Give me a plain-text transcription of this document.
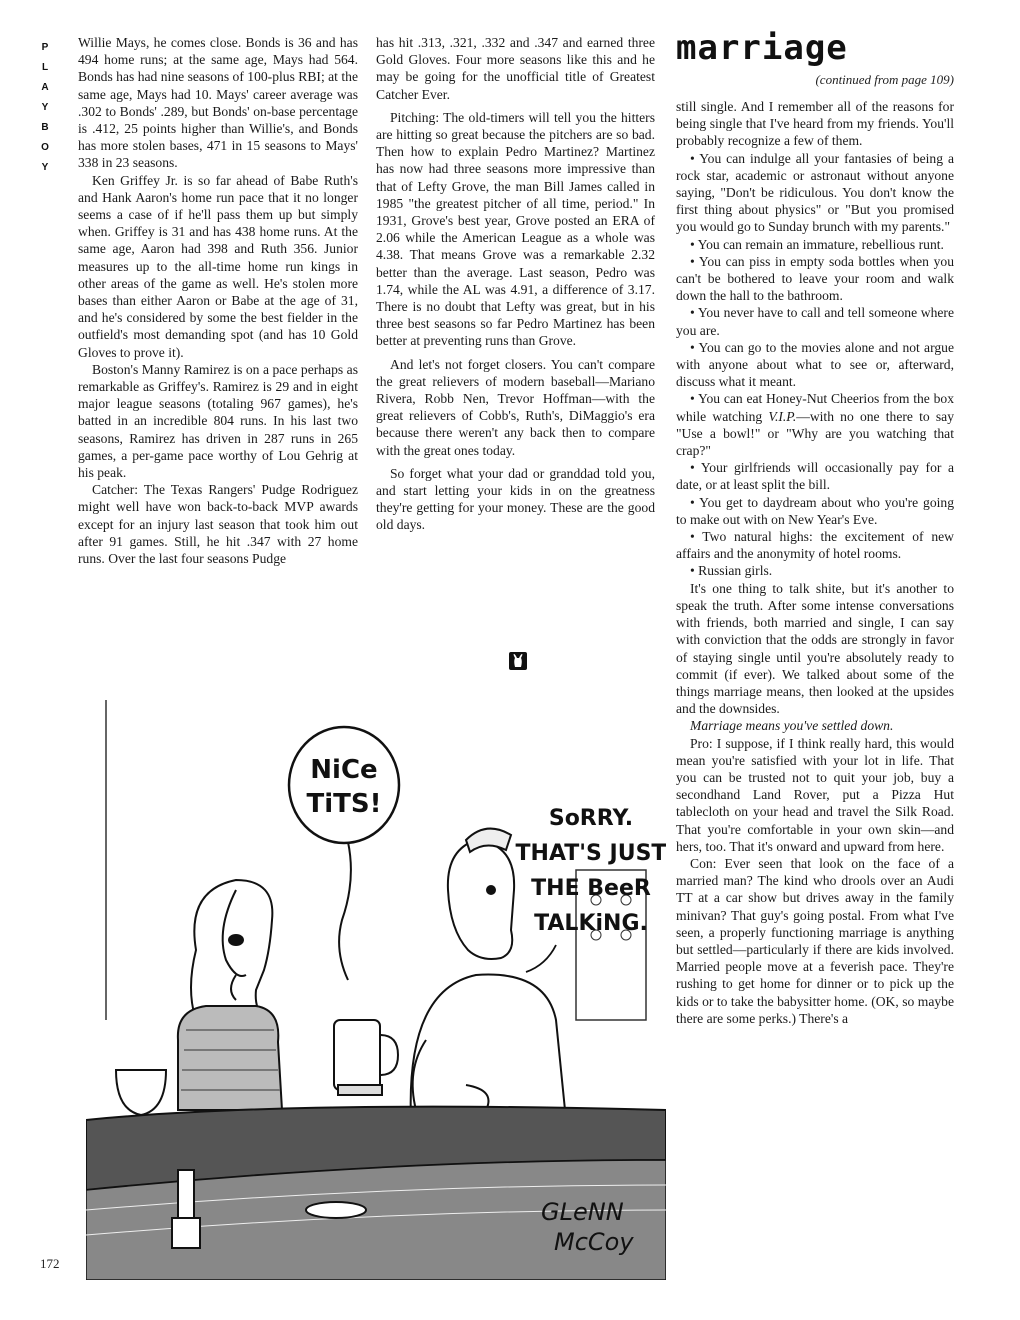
P
L
A
Y
B
O
Y

Willie Mays, he comes close. Bonds is 36 and has 494 home runs; at the same age, Mays had 564. Bonds has had nine seasons of 100-plus RBI; at the same age, Mays had 10. Mays' career average was .302 to Bonds' .289, but Bonds' on-base percentage is .412, 25 points higher than Willie's, and Bonds has more stolen bases, 471 in 15 seasons to Mays' 338 in 23 seasons.

Ken Griffey Jr. is so far ahead of Babe Ruth's and Hank Aaron's home run pace that it no longer seems a case of if he'll pass them up but simply when. Griffey is 31 and has 438 home runs. At the same age, Aaron had 398 and Ruth 356. Junior measures up to the all-time home run kings in other areas of the game as well. He's stolen more bases than either Aaron or Babe at the age of 31, and he's considered by some the best fielder in the outfield's most demanding spot (and has 10 Gold Gloves to prove it).

Boston's Manny Ramirez is on a pace perhaps as remarkable as Griffey's. Ramirez is 29 and in eight major league seasons (totaling 967 games), he's batted in an incredible 804 runs. In his last two seasons, Ramirez has driven in 287 runs in 265 games, a per-game pace worthy of Lou Gehrig at his peak.

Catcher: The Texas Rangers' Pudge Rodriguez might well have won back-to-back MVP awards except for an injury last season that took him out after 91 games. Still, he hit .347 with 27 home runs. Over the last four seasons Pudge

has hit .313, .321, .332 and .347 and earned three Gold Gloves. Four more seasons like this and he may be going for the unofficial title of Greatest Catcher Ever.

Pitching: The old-timers will tell you the hitters are hitting so great because the pitchers are so bad. Then how to explain Pedro Martinez? Martinez has now had three seasons more impressive than that of Lefty Grove, the man Bill James called in 1985 "the greatest pitcher of all time, period." In 1931, Grove's best year, Grove posted an ERA of 2.06 while the American League as a whole was 4.38. That means Grove was a remarkable 2.32 better than the average. Last season, Pedro was 1.74, while the AL was 4.91, a difference of 3.17. There is no doubt that Lefty was great, but in his three best seasons so far Pedro Martinez has been better at preventing runs than Grove.

And let's not forget closers. You can't compare the great relievers of modern baseball—Mariano Rivera, Robb Nen, Trevor Hoffman—with the great relievers of Cobb's, Ruth's, DiMaggio's era because there weren't any back then to compare with the great ones today.

So forget what your dad or granddad told you, and start letting your kids in on the greatness they're getting for your money. These are the good old days.

marriage
(continued from page 109)

still single. And I remember all of the reasons for being single that I've heard from my friends. You'll probably recognize a few of them.

• You can indulge all your fantasies of being a rock star, academic or astronaut without anyone saying, "Don't be ridiculous. You don't know the first thing about physics" or "But you promised you would go to Sunday brunch with my parents."

• You can remain an immature, rebellious runt.

• You can piss in empty soda bottles when you can't be bothered to leave your room and walk down the hall to the bathroom.

• You never have to call and tell someone where you are.

• You can go to the movies alone and not argue with anyone about what to see or, afterward, discuss what it meant.

• You can eat Honey-Nut Cheerios from the box while watching V.I.P.—with no one there to say "Use a bowl!" or "Why are you watching that crap?"

• Your girlfriends will occasionally pay for a date, or at least split the bill.

• You get to daydream about who you're going to make out with on New Year's Eve.

• Two natural highs: the excitement of new affairs and the anonymity of hotel rooms.

• Russian girls.

It's one thing to talk shite, but it's another to speak the truth. After some intense conversations with friends, both married and single, I can say with conviction that the odds are strongly in favor of staying single until you're absolutely ready to commit (if ever). We talked about some of the things marriage means, then looked at the upsides and the downsides.

Marriage means you've settled down.

Pro: I suppose, if I think really hard, this would mean you're satisfied with your lot in life. That you can be trusted not to quit your job, buy a secondhand Land Rover, put a Pizza Hut tablecloth on your head and travel the Silk Road. That you're comfortable in your own skin—and hers, too. That it's onward and upward from here.

Con: Ever seen that look on the face of a married man? The kind who drools over an Audi TT at a car show but drives away in the family minivan? That guy's going postal. From what I've seen, a properly functioning marriage is anything but settled—particularly if there are kids involved. Married people move at a feverish pace. They're rushing to get home for dinner or to pick up the kids or to take the babysitter home. (OK, so maybe there are some perks.) There's a

NiCe
TiTS!	SoRRY.
THAT'S JUST
THE BeeR
TALKiNG.
GLeNN
McCoy
172
